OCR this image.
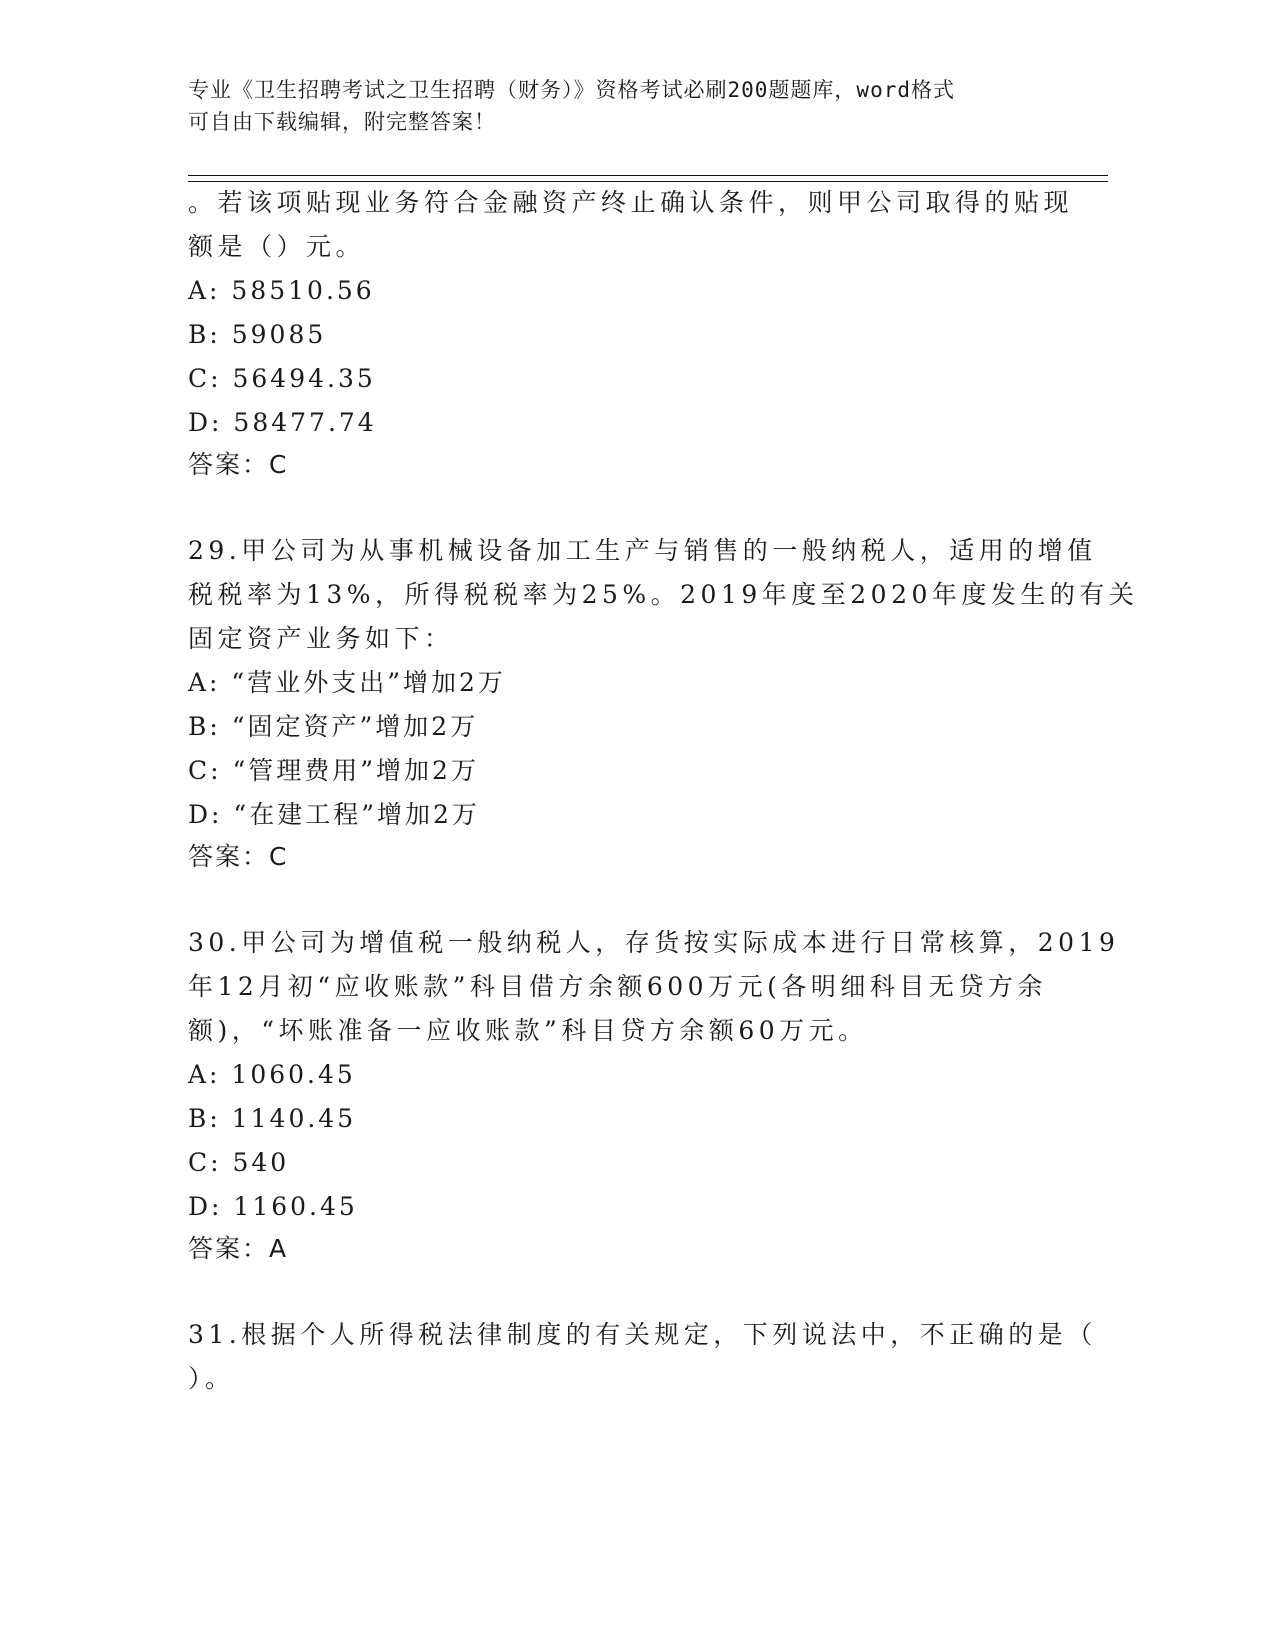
专业《卫生招聘考试之卫生招聘（财务）》资格考试必刷200题题库，word格式
可自由下载编辑，附完整答案！
。若该项贴现业务符合金融资产终止确认条件，则甲公司取得的贴现
额是（）元。
A: 58510.56
B: 59085
C: 56494.35
D: 58477.74
答案：C
29.甲公司为从事机械设备加工生产与销售的一般纳税人，适用的增值
税税率为13%，所得税税率为25%。2019年度至2020年度发生的有关
固定资产业务如下：
A: “营业外支出”增加2万
B: “固定资产”增加2万
C: “管理费用”增加2万
D: “在建工程”增加2万
答案：C
30.甲公司为增值税一般纳税人，存货按实际成本进行日常核算，2019
年12月初“应收账款”科目借方余额600万元(各明细科目无贷方余
额)，“坏账准备一应收账款”科目贷方余额60万元。
A: 1060.45
B: 1140.45
C: 540
D: 1160.45
答案：A
31.根据个人所得税法律制度的有关规定，下列说法中，不正确的是（
）。
